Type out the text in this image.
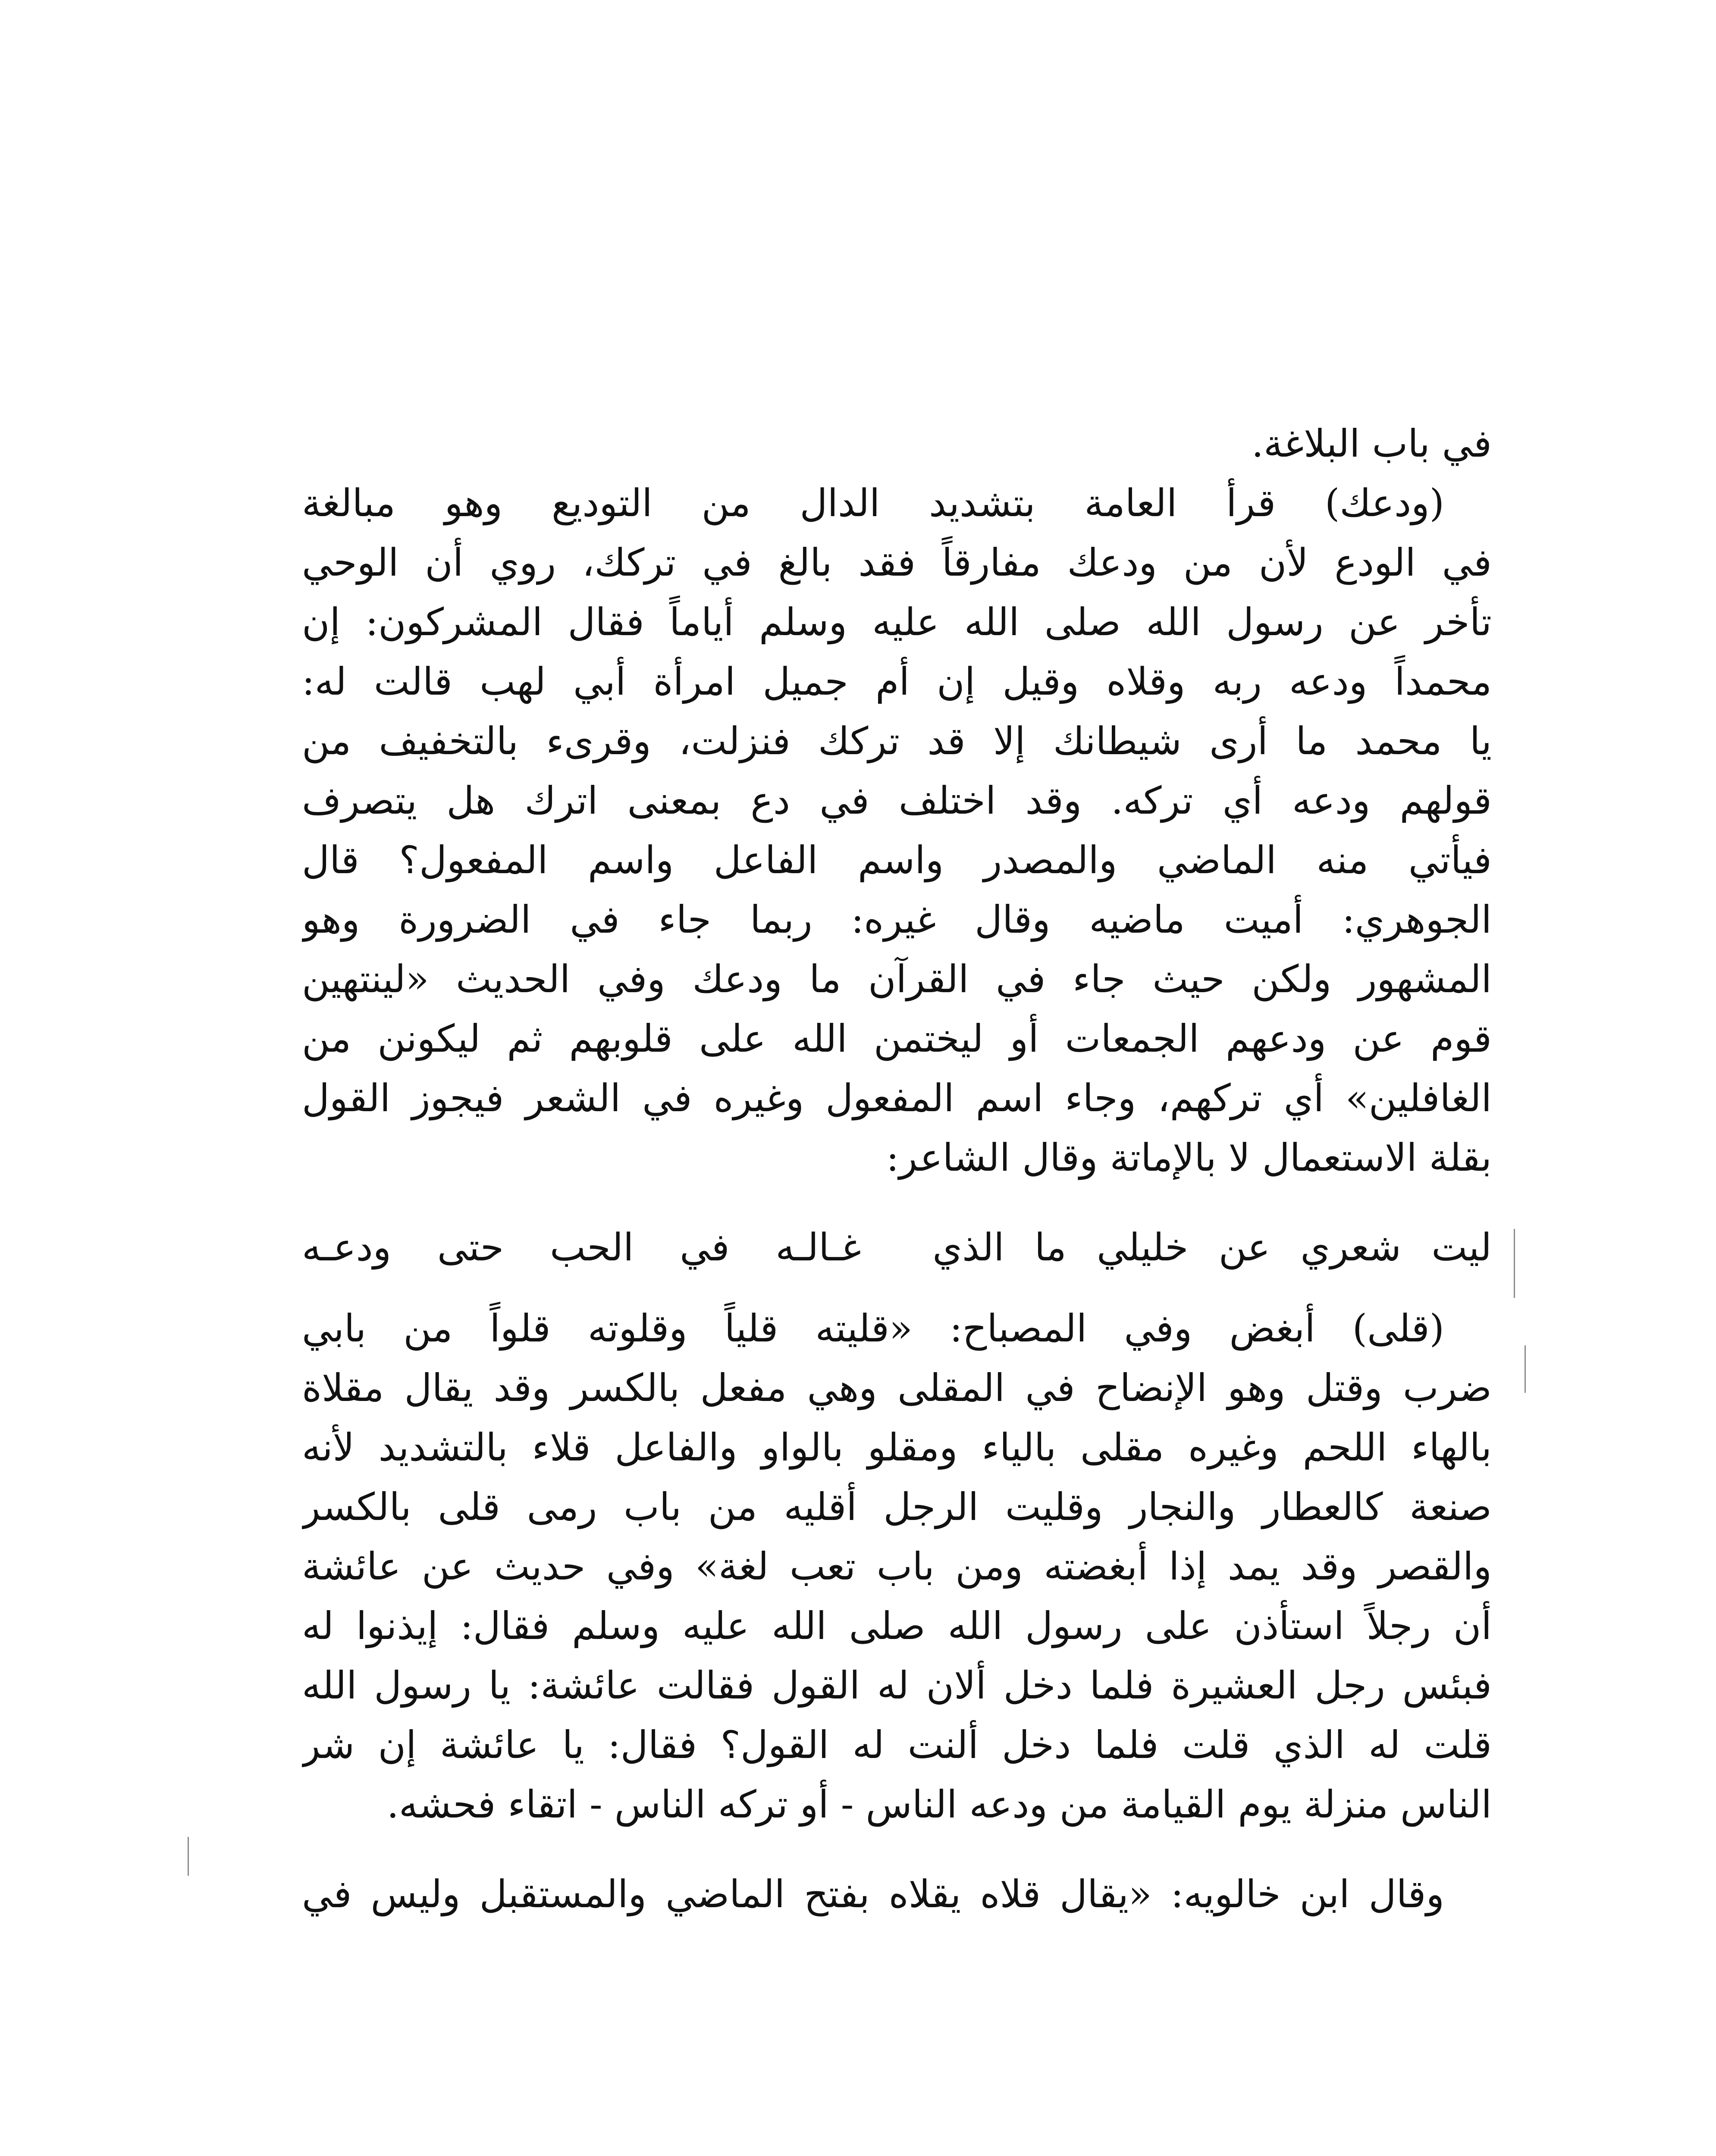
في باب البلاغة.
(ودعك) قرأ العامة بتشديد الدال من التوديع وهو مبالغة
في الودع لأن من ودعك مفارقاً فقد بالغ في تركك، روي أن الوحي
تأخر عن رسول الله صلى الله عليه وسلم أياماً فقال المشركون: إن
محمداً ودعه ربه وقلاه وقيل إن أم جميل امرأة أبي لهب قالت له:
يا محمد ما أرى شيطانك إلا قد تركك فنزلت، وقرىء بالتخفيف من
قولهم ودعه أي تركه. وقد اختلف في دع بمعنى اترك هل يتصرف
فيأتي منه الماضي والمصدر واسم الفاعل واسم المفعول؟ قال
الجوهري: أميت ماضيه وقال غيره: ربما جاء في الضرورة وهو
المشهور ولكن حيث جاء في القرآن ما ودعك وفي الحديث «لينتهين
قوم عن ودعهم الجمعات أو ليختمن الله على قلوبهم ثم ليكونن من
الغافلين» أي تركهم، وجاء اسم المفعول وغيره في الشعر فيجوز القول
بقلة الاستعمال لا بالإماتة وقال الشاعر:
ليت شعري عن خليلي ما الذي
غـالـه في الحب حتى ودعـه
(قلى) أبغض وفي المصباح: «قليته قلياً وقلوته قلواً من بابي
ضرب وقتل وهو الإنضاح في المقلى وهي مفعل بالكسر وقد يقال مقلاة
بالهاء اللحم وغيره مقلى بالياء ومقلو بالواو والفاعل قلاء بالتشديد لأنه
صنعة كالعطار والنجار وقليت الرجل أقليه من باب رمى قلى بالكسر
والقصر وقد يمد إذا أبغضته ومن باب تعب لغة» وفي حديث عن عائشة
أن رجلاً استأذن على رسول الله صلى الله عليه وسلم فقال: إيذنوا له
فبئس رجل العشيرة فلما دخل ألان له القول فقالت عائشة: يا رسول الله
قلت له الذي قلت فلما دخل ألنت له القول؟ فقال: يا عائشة إن شر
الناس منزلة يوم القيامة من ودعه الناس - أو تركه الناس - اتقاء فحشه.
وقال ابن خالويه: «يقال قلاه يقلاه بفتح الماضي والمستقبل وليس في
